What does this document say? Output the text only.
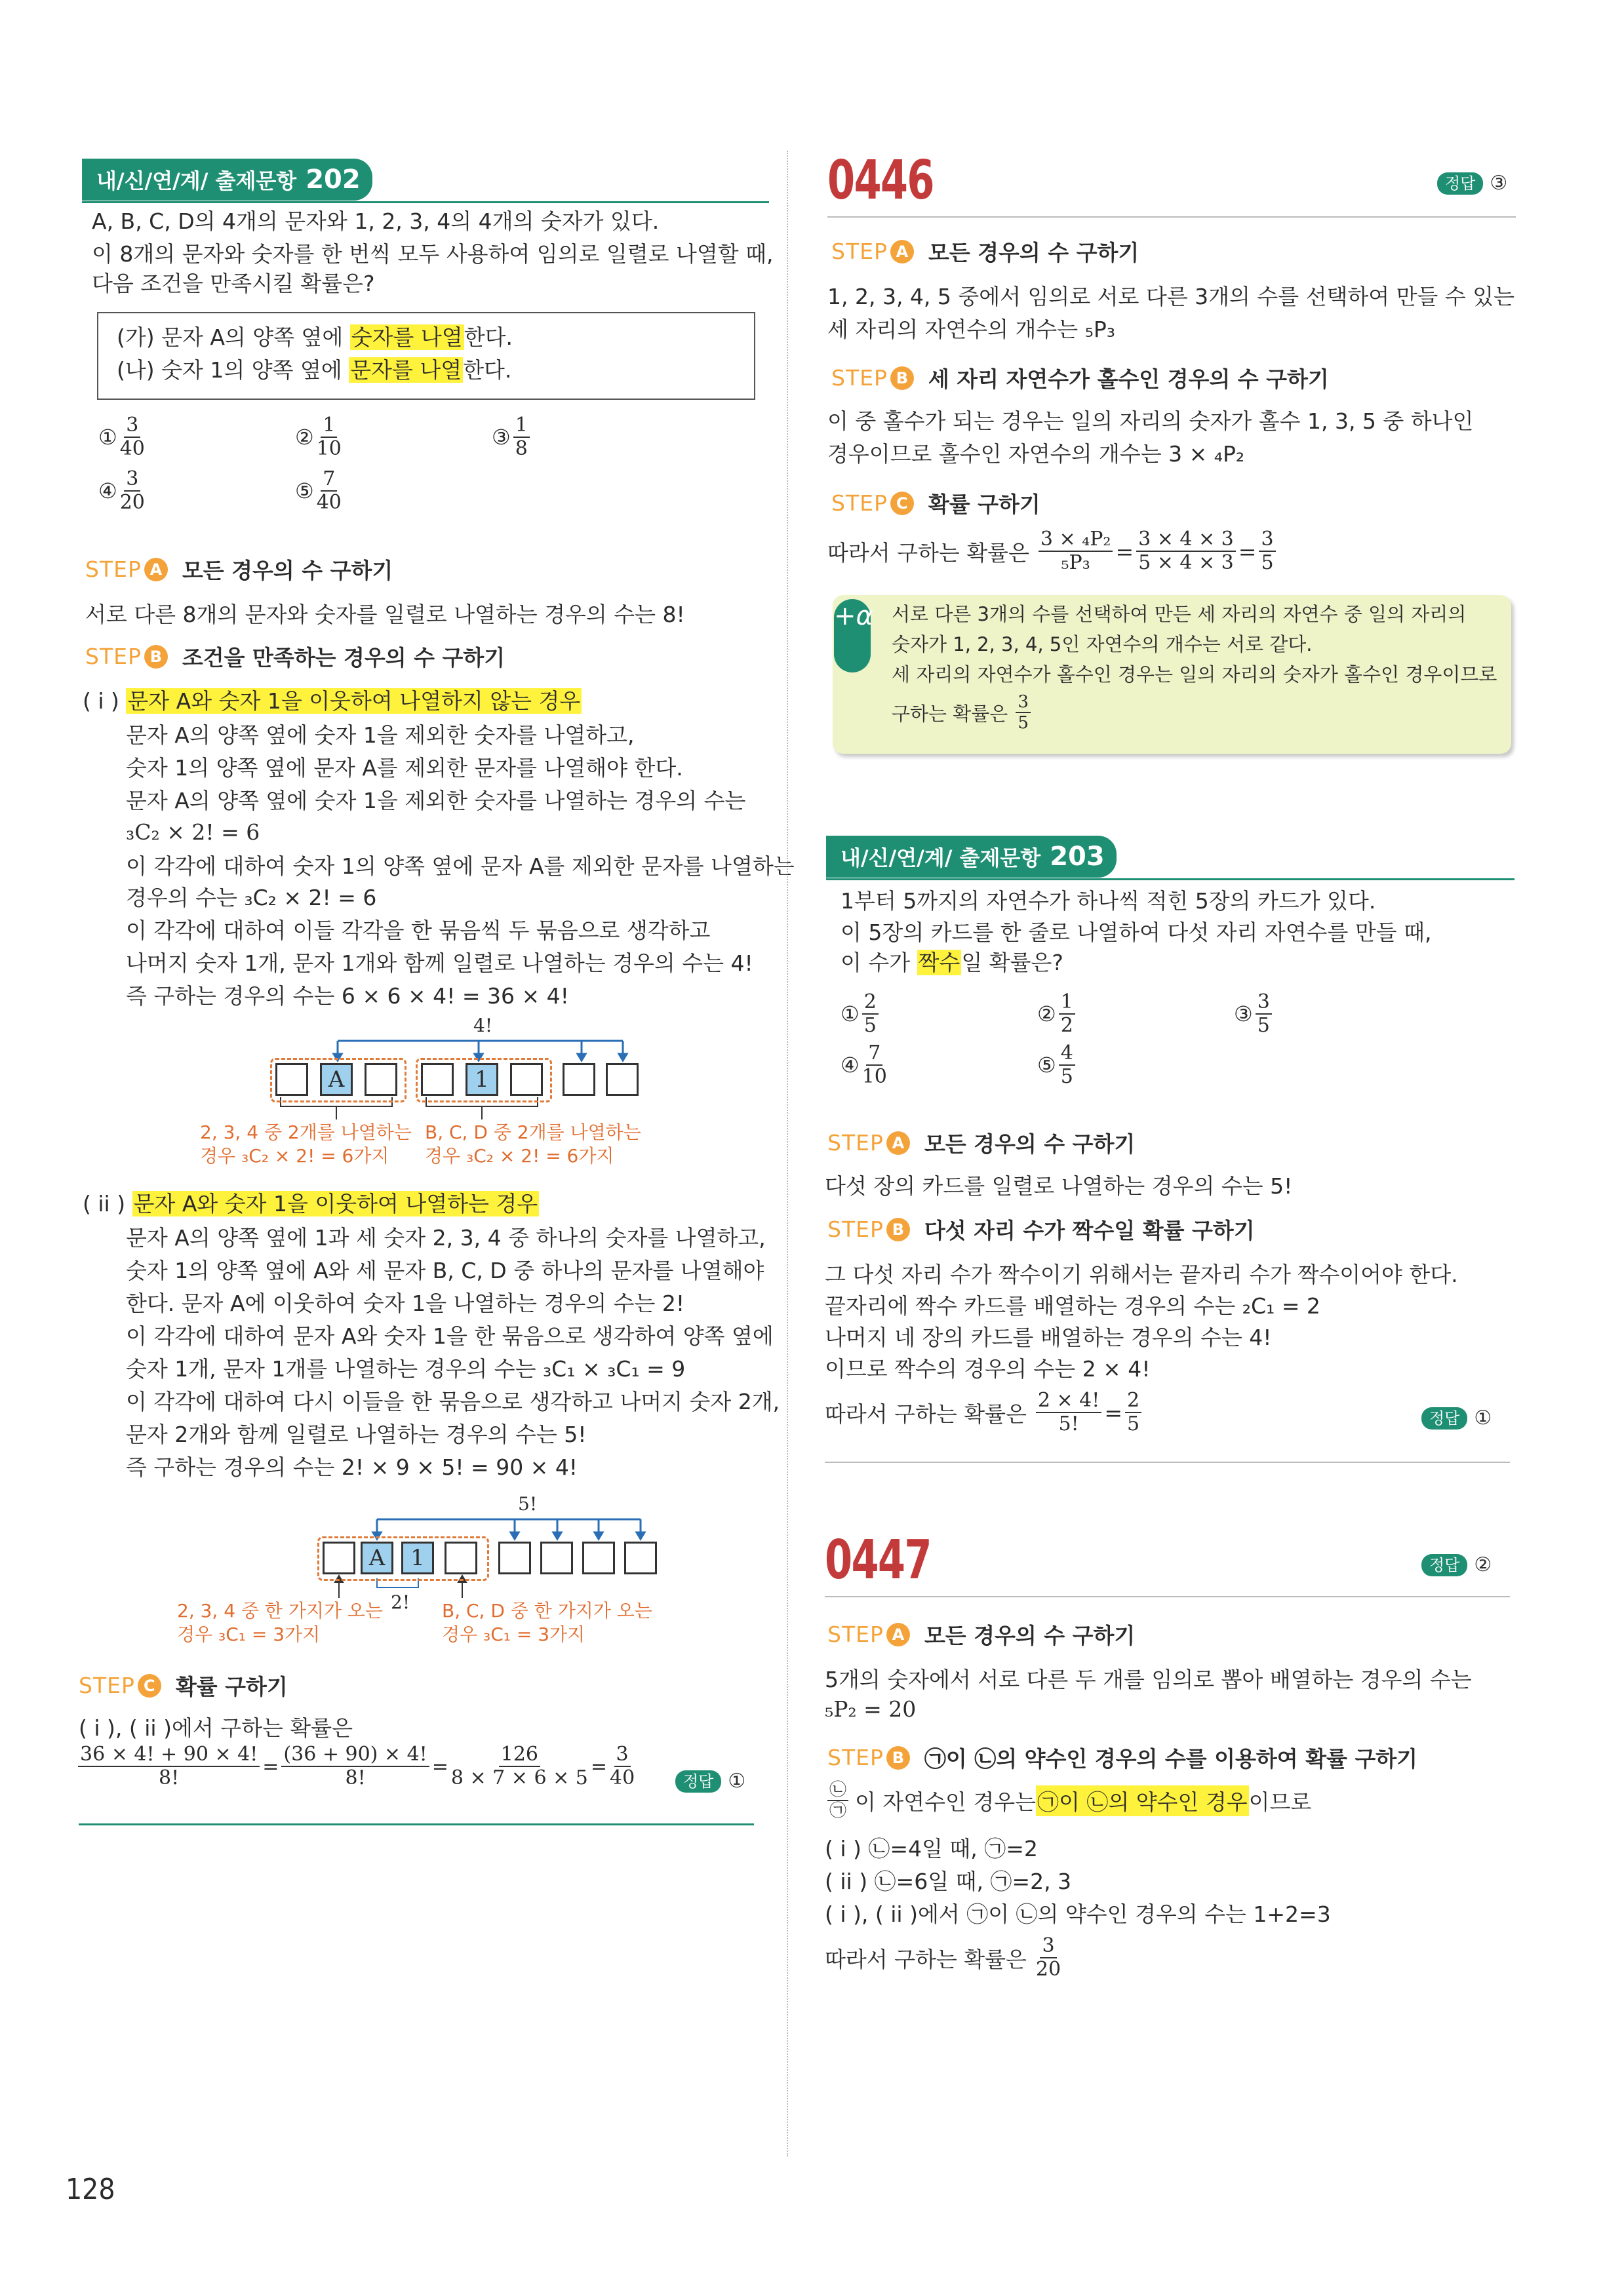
내/신/연/계/ 출제문항 202
A, B, C, D의 4개의 문자와 1, 2, 3, 4의 4개의 숫자가 있다.
이 8개의 문자와 숫자를 한 번씩 모두 사용하여 임의로 일렬로 나열할 때,
다음 조건을 만족시킬 확률은?
(가) 문자 A의 양쪽 옆에 숫자를 나열한다.
(나) 숫자 1의 양쪽 옆에 문자를 나열한다.
① $\frac{3}{40}$	② $\frac{1}{10}$	③ $\frac{1}{8}$
④ $\frac{3}{20}$	⑤ $\frac{7}{40}$
STEP A 모든 경우의 수 구하기
서로 다른 8개의 문자와 숫자를 일렬로 나열하는 경우의 수는 8!
STEP B 조건을 만족하는 경우의 수 구하기
( i ) 문자 A와 숫자 1을 이웃하여 나열하지 않는 경우
문자 A의 양쪽 옆에 숫자 1을 제외한 숫자를 나열하고,
숫자 1의 양쪽 옆에 문자 A를 제외한 문자를 나열해야 한다.
문자 A의 양쪽 옆에 숫자 1을 제외한 숫자를 나열하는 경우의 수는
₃C₂ × 2! = 6
이 각각에 대하여 숫자 1의 양쪽 옆에 문자 A를 제외한 문자를 나열하는
경우의 수는 ₃C₂ × 2! = 6
이 각각에 대하여 이들 각각을 한 묶음씩 두 묶음으로 생각하고
나머지 숫자 1개, 문자 1개와 함께 일렬로 나열하는 경우의 수는 4!
즉 구하는 경우의 수는 6 × 6 × 4! = 36 × 4!
4!
A	1
2, 3, 4 중 2개를 나열하는
경우 ₃C₂ × 2! = 6가지
B, C, D 중 2개를 나열하는
경우 ₃C₂ × 2! = 6가지
( ii ) 문자 A와 숫자 1을 이웃하여 나열하는 경우
문자 A의 양쪽 옆에 1과 세 숫자 2, 3, 4 중 하나의 숫자를 나열하고,
숫자 1의 양쪽 옆에 A와 세 문자 B, C, D 중 하나의 문자를 나열해야
한다. 문자 A에 이웃하여 숫자 1을 나열하는 경우의 수는 2!
이 각각에 대하여 문자 A와 숫자 1을 한 묶음으로 생각하여 양쪽 옆에
숫자 1개, 문자 1개를 나열하는 경우의 수는 ₃C₁ × ₃C₁ = 9
이 각각에 대하여 다시 이들을 한 묶음으로 생각하고 나머지 숫자 2개,
문자 2개와 함께 일렬로 나열하는 경우의 수는 5!
즉 구하는 경우의 수는 2! × 9 × 5! = 90 × 4!
5!
A	1
2!
2, 3, 4 중 한 가지가 오는
경우 ₃C₁ = 3가지
B, C, D 중 한 가지가 오는
경우 ₃C₁ = 3가지
STEP C 확률 구하기
( i ), ( ii )에서 구하는 확률은
$\frac{36 \times 4! + 90 \times 4!}{8!} = \frac{(36 + 90) \times 4!}{8!} = \frac{126}{8 \times 7 \times 6 \times 5} = \frac{3}{40}$	정답 ①
0446	정답 ③
STEP A 모든 경우의 수 구하기
1, 2, 3, 4, 5 중에서 임의로 서로 다른 3개의 수를 선택하여 만들 수 있는
세 자리의 자연수의 개수는 ₅P₃
STEP B 세 자리 자연수가 홀수인 경우의 수 구하기
이 중 홀수가 되는 경우는 일의 자리의 숫자가 홀수 1, 3, 5 중 하나인
경우이므로 홀수인 자연수의 개수는 3 × ₄P₂
STEP C 확률 구하기
따라서 구하는 확률은 $\frac{\text{3 × ₄P₂}}{\text{₅P₃}} = \frac{3 \times 4 \times 3}{5 \times 4 \times 3} = \frac{3}{5}$
+α 서로 다른 3개의 수를 선택하여 만든 세 자리의 자연수 중 일의 자리의
숫자가 1, 2, 3, 4, 5인 자연수의 개수는 서로 같다.
세 자리의 자연수가 홀수인 경우는 일의 자리의 숫자가 홀수인 경우이므로
구하는 확률은 $\frac{3}{5}$
내/신/연/계/ 출제문항 203
1부터 5까지의 자연수가 하나씩 적힌 5장의 카드가 있다.
이 5장의 카드를 한 줄로 나열하여 다섯 자리 자연수를 만들 때,
이 수가 짝수일 확률은?
① $\frac{2}{5}$	② $\frac{1}{2}$	③ $\frac{3}{5}$
④ $\frac{7}{10}$	⑤ $\frac{4}{5}$
STEP A 모든 경우의 수 구하기
다섯 장의 카드를 일렬로 나열하는 경우의 수는 5!
STEP B 다섯 자리 수가 짝수일 확률 구하기
그 다섯 자리 수가 짝수이기 위해서는 끝자리 수가 짝수이어야 한다.
끝자리에 짝수 카드를 배열하는 경우의 수는 ₂C₁ = 2
나머지 네 장의 카드를 배열하는 경우의 수는 4!
이므로 짝수의 경우의 수는 2 × 4!
따라서 구하는 확률은 $\frac{2 \times 4!}{5!} = \frac{2}{5}$	정답 ①
0447	정답 ②
STEP A 모든 경우의 수 구하기
5개의 숫자에서 서로 다른 두 개를 임의로 뽑아 배열하는 경우의 수는
₅P₂ = 20
STEP B ㉠이 ㉡의 약수인 경우의 수를 이용하여 확률 구하기
$\frac{㉡}{㉠}$ 이 자연수인 경우는 ㉠이 ㉡의 약수인 경우 이므로
( i ) ㉡=4일 때, ㉠=2
( ii ) ㉡=6일 때, ㉠=2, 3
( i ), ( ii )에서 ㉠이 ㉡의 약수인 경우의 수는 1+2=3
따라서 구하는 확률은 $\frac{3}{20}$
128
